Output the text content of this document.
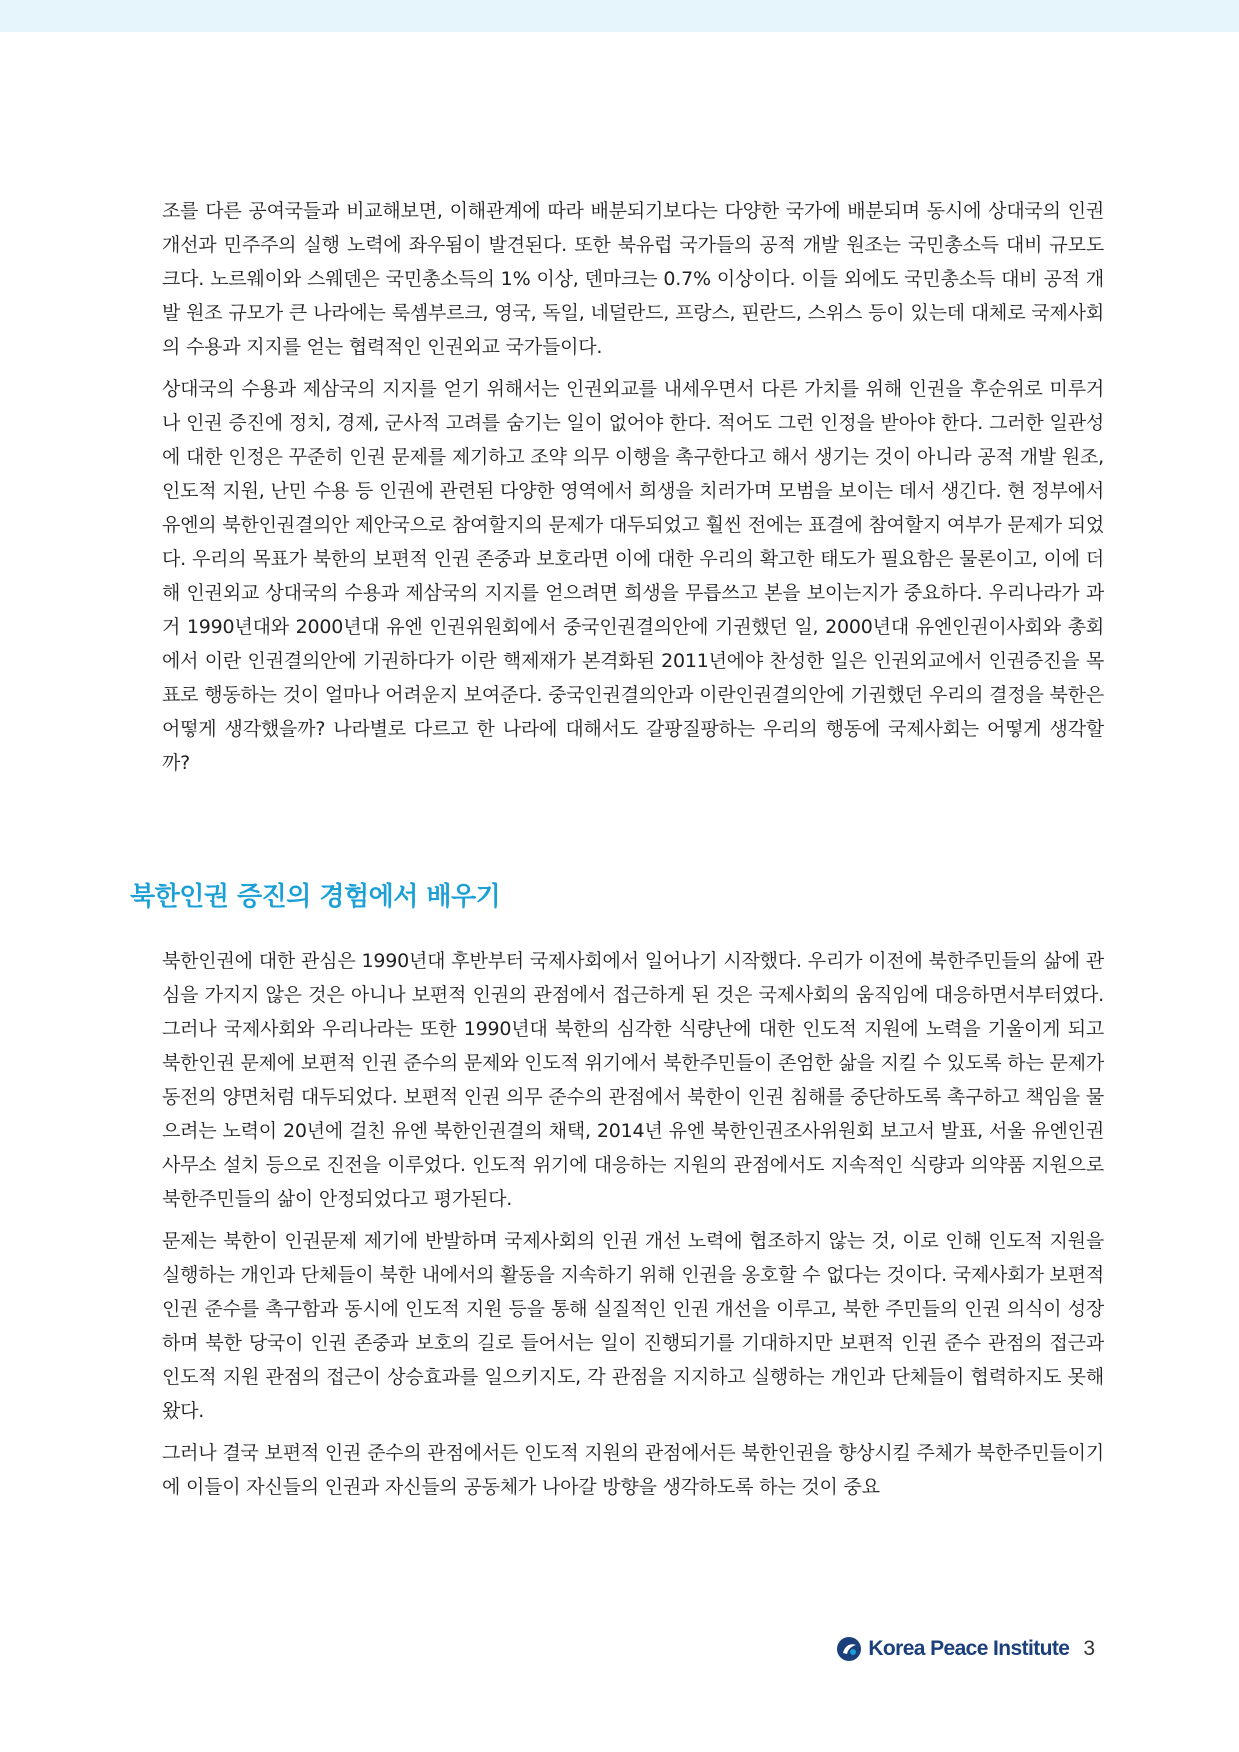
조를 다른 공여국들과 비교해보면, 이해관계에 따라 배분되기보다는 다양한 국가에 배분되며 동시에 상대국의 인권 개선과 민주주의 실행 노력에 좌우됨이 발견된다. 또한 북유럽 국가들의 공적 개발 원조는 국민총소득 대비 규모도 크다. 노르웨이와 스웨덴은 국민총소득의 1% 이상, 덴마크는 0.7% 이상이다. 이들 외에도 국민총소득 대비 공적 개발 원조 규모가 큰 나라에는 룩셈부르크, 영국, 독일, 네덜란드, 프랑스, 핀란드, 스위스 등이 있는데 대체로 국제사회의 수용과 지지를 얻는 협력적인 인권외교 국가들이다.

상대국의 수용과 제삼국의 지지를 얻기 위해서는 인권외교를 내세우면서 다른 가치를 위해 인권을 후순위로 미루거나 인권 증진에 정치, 경제, 군사적 고려를 숨기는 일이 없어야 한다. 적어도 그런 인정을 받아야 한다. 그러한 일관성에 대한 인정은 꾸준히 인권 문제를 제기하고 조약 의무 이행을 촉구한다고 해서 생기는 것이 아니라 공적 개발 원조, 인도적 지원, 난민 수용 등 인권에 관련된 다양한 영역에서 희생을 치러가며 모범을 보이는 데서 생긴다. 현 정부에서 유엔의 북한인권결의안 제안국으로 참여할지의 문제가 대두되었고 훨씬 전에는 표결에 참여할지 여부가 문제가 되었다. 우리의 목표가 북한의 보편적 인권 존중과 보호라면 이에 대한 우리의 확고한 태도가 필요함은 물론이고, 이에 더해 인권외교 상대국의 수용과 제삼국의 지지를 얻으려면 희생을 무릅쓰고 본을 보이는지가 중요하다. 우리나라가 과거 1990년대와 2000년대 유엔 인권위원회에서 중국인권결의안에 기권했던 일, 2000년대 유엔인권이사회와 총회에서 이란 인권결의안에 기권하다가 이란 핵제재가 본격화된 2011년에야 찬성한 일은 인권외교에서 인권증진을 목표로 행동하는 것이 얼마나 어려운지 보여준다. 중국인권결의안과 이란인권결의안에 기권했던 우리의 결정을 북한은 어떻게 생각했을까? 나라별로 다르고 한 나라에 대해서도 갈팡질팡하는 우리의 행동에 국제사회는 어떻게 생각할까?

북한인권 증진의 경험에서 배우기

북한인권에 대한 관심은 1990년대 후반부터 국제사회에서 일어나기 시작했다. 우리가 이전에 북한주민들의 삶에 관심을 가지지 않은 것은 아니나 보편적 인권의 관점에서 접근하게 된 것은 국제사회의 움직임에 대응하면서부터였다. 그러나 국제사회와 우리나라는 또한 1990년대 북한의 심각한 식량난에 대한 인도적 지원에 노력을 기울이게 되고 북한인권 문제에 보편적 인권 준수의 문제와 인도적 위기에서 북한주민들이 존엄한 삶을 지킬 수 있도록 하는 문제가 동전의 양면처럼 대두되었다. 보편적 인권 의무 준수의 관점에서 북한이 인권 침해를 중단하도록 촉구하고 책임을 물으려는 노력이 20년에 걸친 유엔 북한인권결의 채택, 2014년 유엔 북한인권조사위원회 보고서 발표, 서울 유엔인권사무소 설치 등으로 진전을 이루었다. 인도적 위기에 대응하는 지원의 관점에서도 지속적인 식량과 의약품 지원으로 북한주민들의 삶이 안정되었다고 평가된다.

문제는 북한이 인권문제 제기에 반발하며 국제사회의 인권 개선 노력에 협조하지 않는 것, 이로 인해 인도적 지원을 실행하는 개인과 단체들이 북한 내에서의 활동을 지속하기 위해 인권을 옹호할 수 없다는 것이다. 국제사회가 보편적 인권 준수를 촉구함과 동시에 인도적 지원 등을 통해 실질적인 인권 개선을 이루고, 북한 주민들의 인권 의식이 성장하며 북한 당국이 인권 존중과 보호의 길로 들어서는 일이 진행되기를 기대하지만 보편적 인권 준수 관점의 접근과 인도적 지원 관점의 접근이 상승효과를 일으키지도, 각 관점을 지지하고 실행하는 개인과 단체들이 협력하지도 못해왔다.

그러나 결국 보편적 인권 준수의 관점에서든 인도적 지원의 관점에서든 북한인권을 향상시킬 주체가 북한주민들이기에 이들이 자신들의 인권과 자신들의 공동체가 나아갈 방향을 생각하도록 하는 것이 중요

Korea Peace Institute 3
